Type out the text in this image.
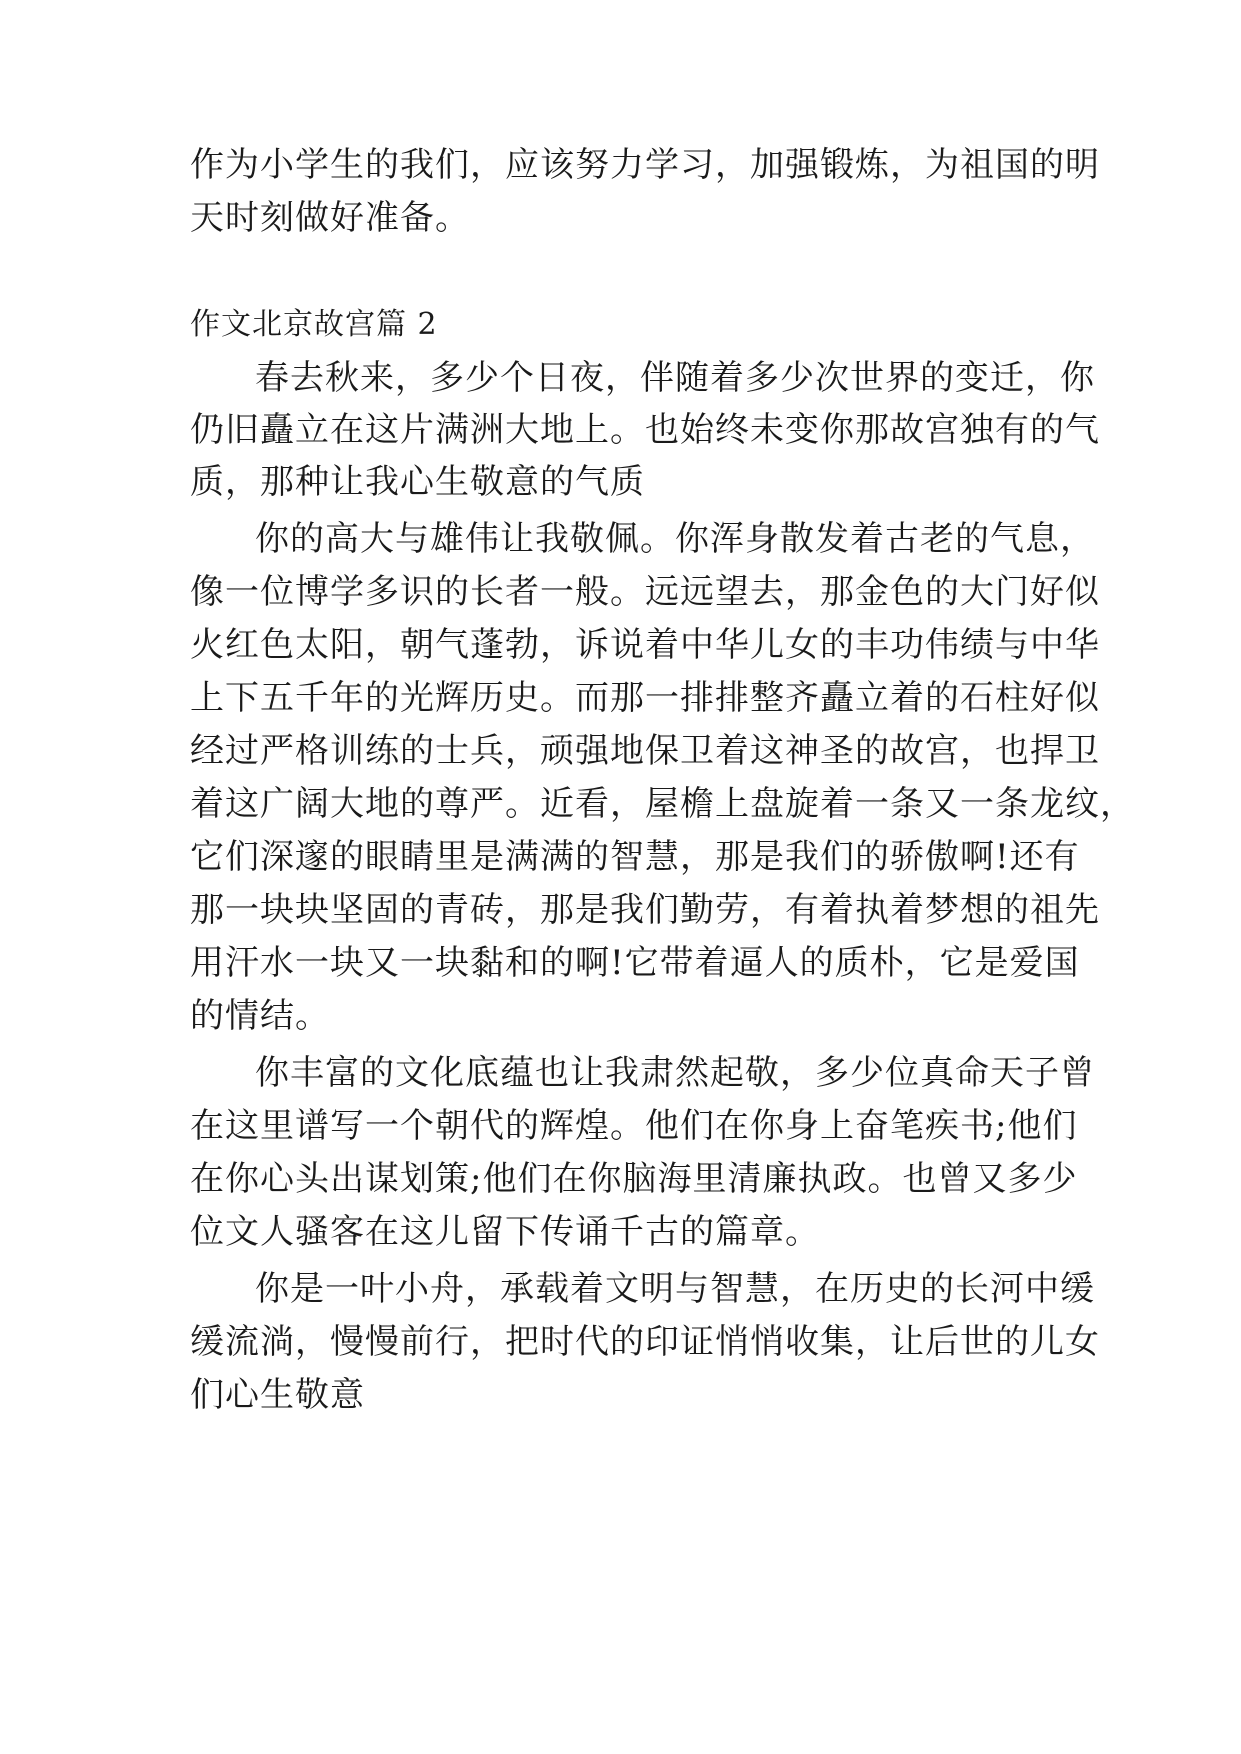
作为小学生的我们，应该努力学习，加强锻炼，为祖国的明
天时刻做好准备。
作文北京故宫篇 2
春去秋来，多少个日夜，伴随着多少次世界的变迁，你
仍旧矗立在这片满洲大地上。也始终未变你那故宫独有的气
质，那种让我心生敬意的气质
你的高大与雄伟让我敬佩。你浑身散发着古老的气息，
像一位博学多识的长者一般。远远望去，那金色的大门好似
火红色太阳，朝气蓬勃，诉说着中华儿女的丰功伟绩与中华
上下五千年的光辉历史。而那一排排整齐矗立着的石柱好似
经过严格训练的士兵，顽强地保卫着这神圣的故宫，也捍卫
着这广阔大地的尊严。近看，屋檐上盘旋着一条又一条龙纹，
它们深邃的眼睛里是满满的智慧，那是我们的骄傲啊!还有
那一块块坚固的青砖，那是我们勤劳，有着执着梦想的祖先
用汗水一块又一块黏和的啊!它带着逼人的质朴，它是爱国
的情结。
你丰富的文化底蕴也让我肃然起敬，多少位真命天子曾
在这里谱写一个朝代的辉煌。他们在你身上奋笔疾书;他们
在你心头出谋划策;他们在你脑海里清廉执政。也曾又多少
位文人骚客在这儿留下传诵千古的篇章。
你是一叶小舟，承载着文明与智慧，在历史的长河中缓
缓流淌，慢慢前行，把时代的印证悄悄收集，让后世的儿女
们心生敬意
